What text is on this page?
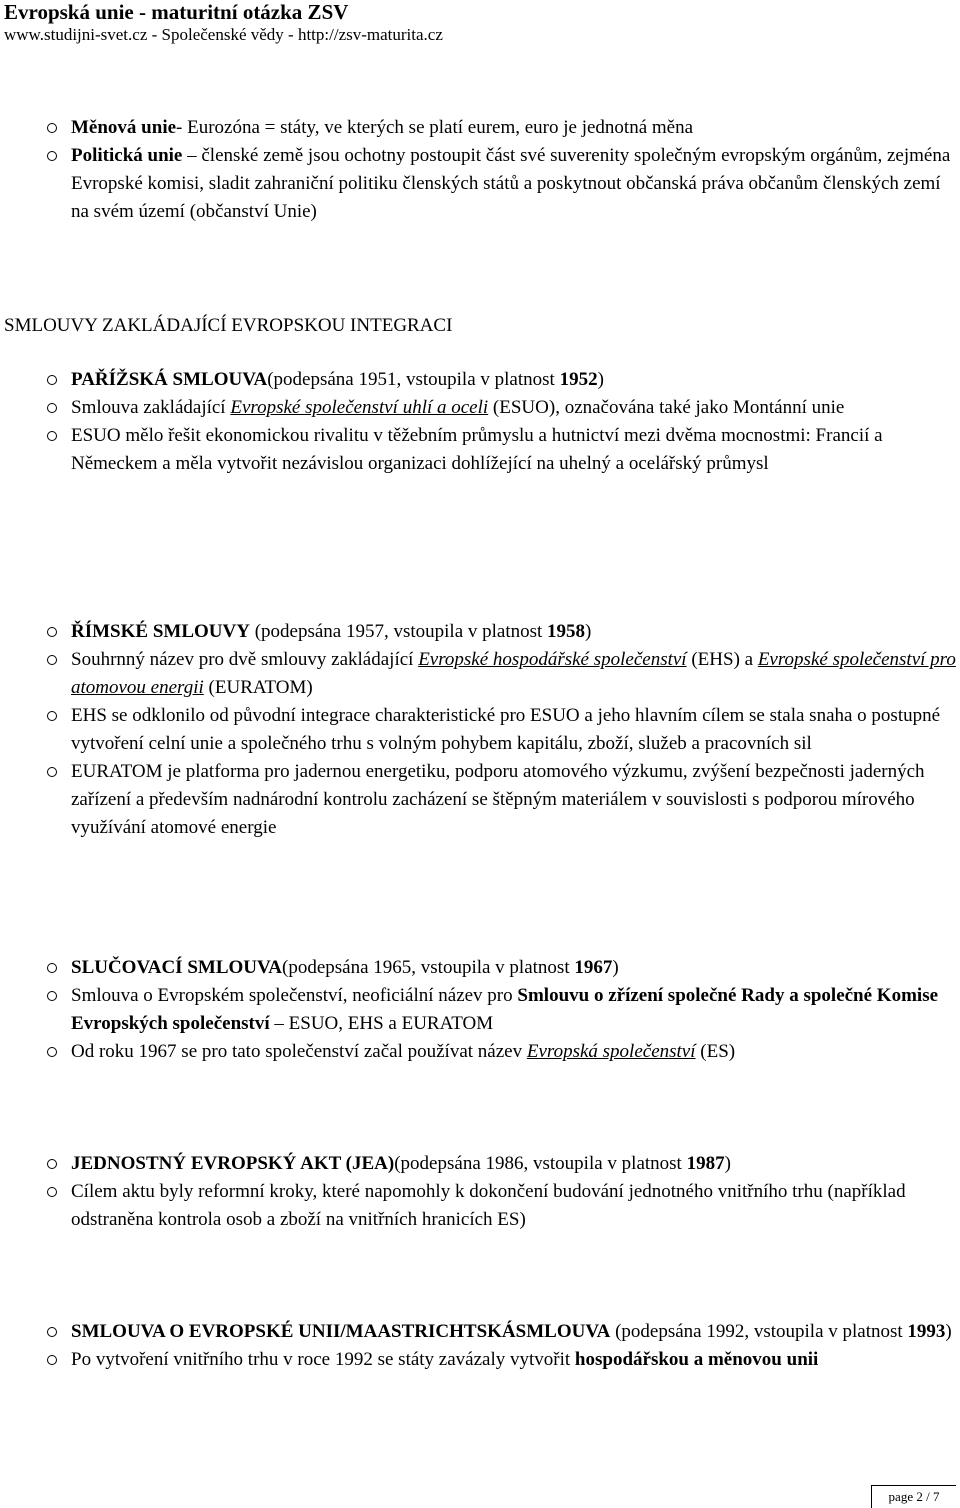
Evropská unie - maturitní otázka ZSV

www.studijni-svet.cz - Společenské vědy - http://zsv-maturita.cz

Měnová unie- Eurozóna = státy, ve kterých se platí eurem, euro je jednotná měna
Politická unie – členské země jsou ochotny postoupit část své suverenity společným evropským orgánům, zejména Evropské komisi, sladit zahraniční politiku členských států a poskytnout občanská práva občanům členských zemí na svém území (občanství Unie)

SMLOUVY ZAKLÁDAJÍCÍ EVROPSKOU INTEGRACI

PAŘÍŽSKÁ SMLOUVA(podepsána 1951, vstoupila v platnost 1952)
Smlouva zakládající Evropské společenství uhlí a oceli (ESUO), označována také jako Montánní unie
ESUO mělo řešit ekonomickou rivalitu v těžebním průmyslu a hutnictví mezi dvěma mocnostmi: Francií a Německem a měla vytvořit nezávislou organizaci dohlížející na uhelný a ocelářský průmysl
ŘÍMSKÉ SMLOUVY (podepsána 1957, vstoupila v platnost 1958)
Souhrnný název pro dvě smlouvy zakládající Evropské hospodářské společenství (EHS) a Evropské společenství pro atomovou energii (EURATOM)
EHS se odklonilo od původní integrace charakteristické pro ESUO a jeho hlavním cílem se stala snaha o postupné vytvoření celní unie a společného trhu s volným pohybem kapitálu, zboží, služeb a pracovních sil
EURATOM je platforma pro jadernou energetiku, podporu atomového výzkumu, zvýšení bezpečnosti jaderných zařízení a především nadnárodní kontrolu zacházení se štěpným materiálem v souvislosti s podporou mírového využívání atomové energie
SLUČOVACÍ SMLOUVA(podepsána 1965, vstoupila v platnost 1967)
Smlouva o Evropském společenství, neoficiální název pro Smlouvu o zřízení společné Rady a společné Komise Evropských společenství – ESUO, EHS a EURATOM
Od roku 1967 se pro tato společenství začal používat název Evropská společenství (ES)
JEDNOSTNÝ EVROPSKÝ AKT (JEA)(podepsána 1986, vstoupila v platnost 1987)
Cílem aktu byly reformní kroky, které napomohly k dokončení budování jednotného vnitřního trhu (například odstraněna kontrola osob a zboží na vnitřních hranicích ES)
SMLOUVA O EVROPSKÉ UNII/MAASTRICHTSKÁSMLOUVA (podepsána 1992, vstoupila v platnost 1993)
Po vytvoření vnitřního trhu v roce 1992 se státy zavázaly vytvořit hospodářskou a měnovou unii
page 2 / 7
